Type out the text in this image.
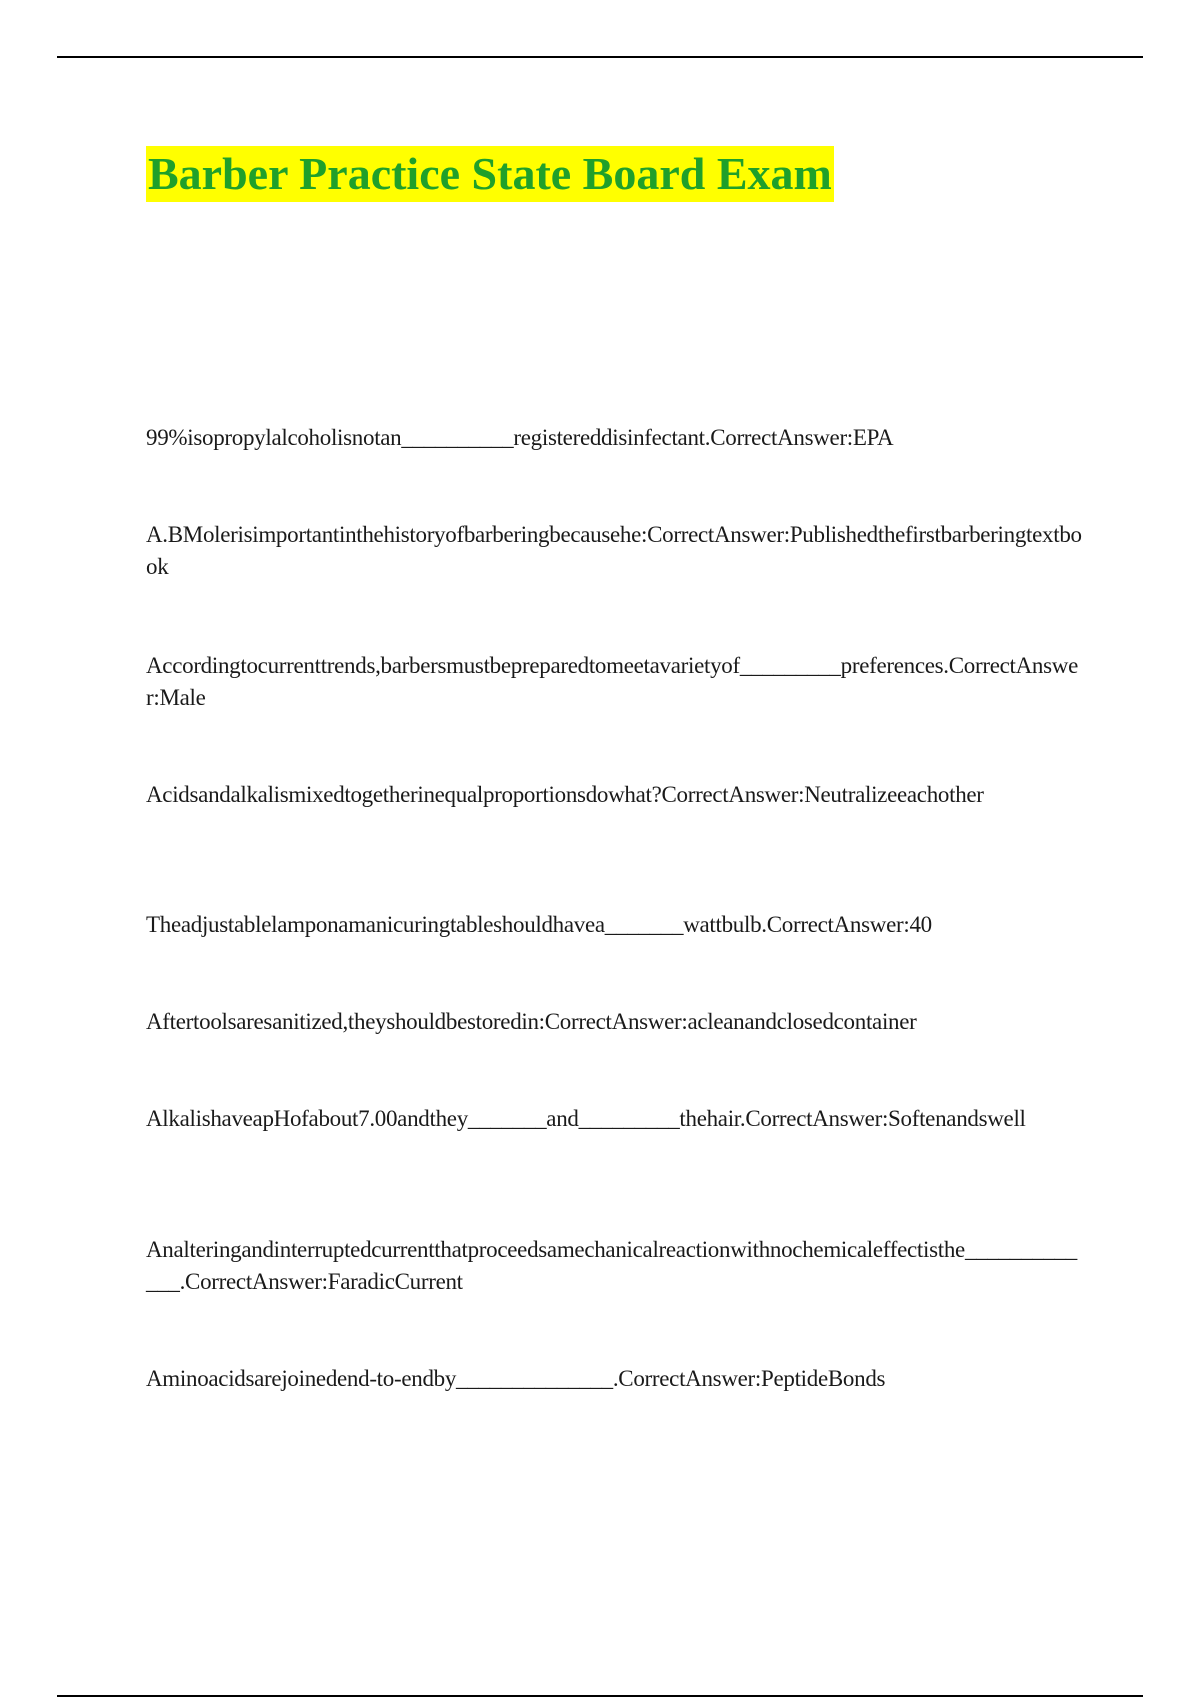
Barber Practice State Board Exam
99%isopropylalcoholisnotan__________registereddisinfectant.CorrectAnswer:EPA
A.BMolerisimportantinthehistoryofbarberingbecausehe:CorrectAnswer:Publishedthefirstbarberingtextbook
Accordingtocurrenttrends,barbersmustbepreparedtomeetavarietyof_________preferences.CorrectAnswer:Male
Acidsandalkalismixedtogetherinequalproportionsdowhat?CorrectAnswer:Neutralizeeachother
Theadjustablelamponamanicuringtableshouldhavea_______wattbulb.CorrectAnswer:40
Aftertoolsaresanitized,theyshouldbestoredin:CorrectAnswer:acleanandclosedcontainer
AlkalishaveapHofabout7.00andthey_______and_________thehair.CorrectAnswer:Softenandswell
Analteringandinterruptedcurrentthatproceedsamechanicalreactionwithnochemicaleffectisthe_____________.CorrectAnswer:FaradicCurrent
Aminoacidsarejoinedend-to-endby______________.CorrectAnswer:PeptideBonds
